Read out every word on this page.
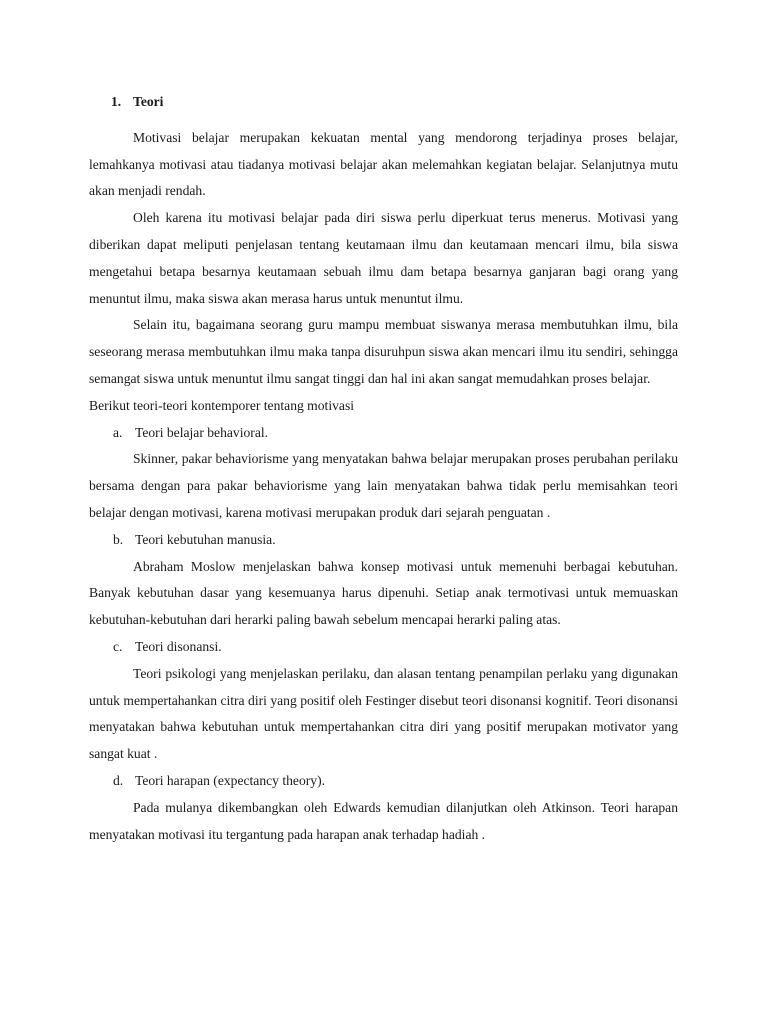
1. Teori

Motivasi belajar merupakan kekuatan mental yang mendorong terjadinya proses belajar, lemahkanya motivasi atau tiadanya motivasi belajar akan melemahkan kegiatan belajar. Selanjutnya mutu akan menjadi rendah.

Oleh karena itu motivasi belajar pada diri siswa perlu diperkuat terus menerus. Motivasi yang diberikan dapat meliputi penjelasan tentang keutamaan ilmu dan keutamaan mencari ilmu, bila siswa mengetahui betapa besarnya keutamaan sebuah ilmu dam betapa besarnya ganjaran bagi orang yang menuntut ilmu, maka siswa akan merasa harus untuk menuntut ilmu.

Selain itu, bagaimana seorang guru mampu membuat siswanya merasa membutuhkan ilmu, bila seseorang merasa membutuhkan ilmu maka tanpa disuruhpun siswa akan mencari ilmu itu sendiri, sehingga semangat siswa untuk menuntut ilmu sangat tinggi dan hal ini akan sangat memudahkan proses belajar.

Berikut teori-teori kontemporer tentang motivasi

a. Teori belajar behavioral.

Skinner, pakar behaviorisme yang menyatakan bahwa belajar merupakan proses perubahan perilaku bersama dengan para pakar behaviorisme yang lain menyatakan bahwa tidak perlu memisahkan teori belajar dengan motivasi, karena motivasi merupakan produk dari sejarah penguatan .

b. Teori kebutuhan manusia.

Abraham Moslow menjelaskan bahwa konsep motivasi untuk memenuhi berbagai kebutuhan. Banyak kebutuhan dasar yang kesemuanya harus dipenuhi. Setiap anak termotivasi untuk memuaskan kebutuhan-kebutuhan dari herarki paling bawah sebelum mencapai herarki paling atas.

c. Teori disonansi.

Teori psikologi yang menjelaskan perilaku, dan alasan tentang penampilan perlaku yang digunakan untuk mempertahankan citra diri yang positif oleh Festinger disebut teori disonansi kognitif. Teori disonansi menyatakan bahwa kebutuhan untuk mempertahankan citra diri yang positif merupakan motivator yang sangat kuat .

d. Teori harapan (expectancy theory).

Pada mulanya dikembangkan oleh Edwards kemudian dilanjutkan oleh Atkinson. Teori harapan menyatakan motivasi itu tergantung pada harapan anak terhadap hadiah .
